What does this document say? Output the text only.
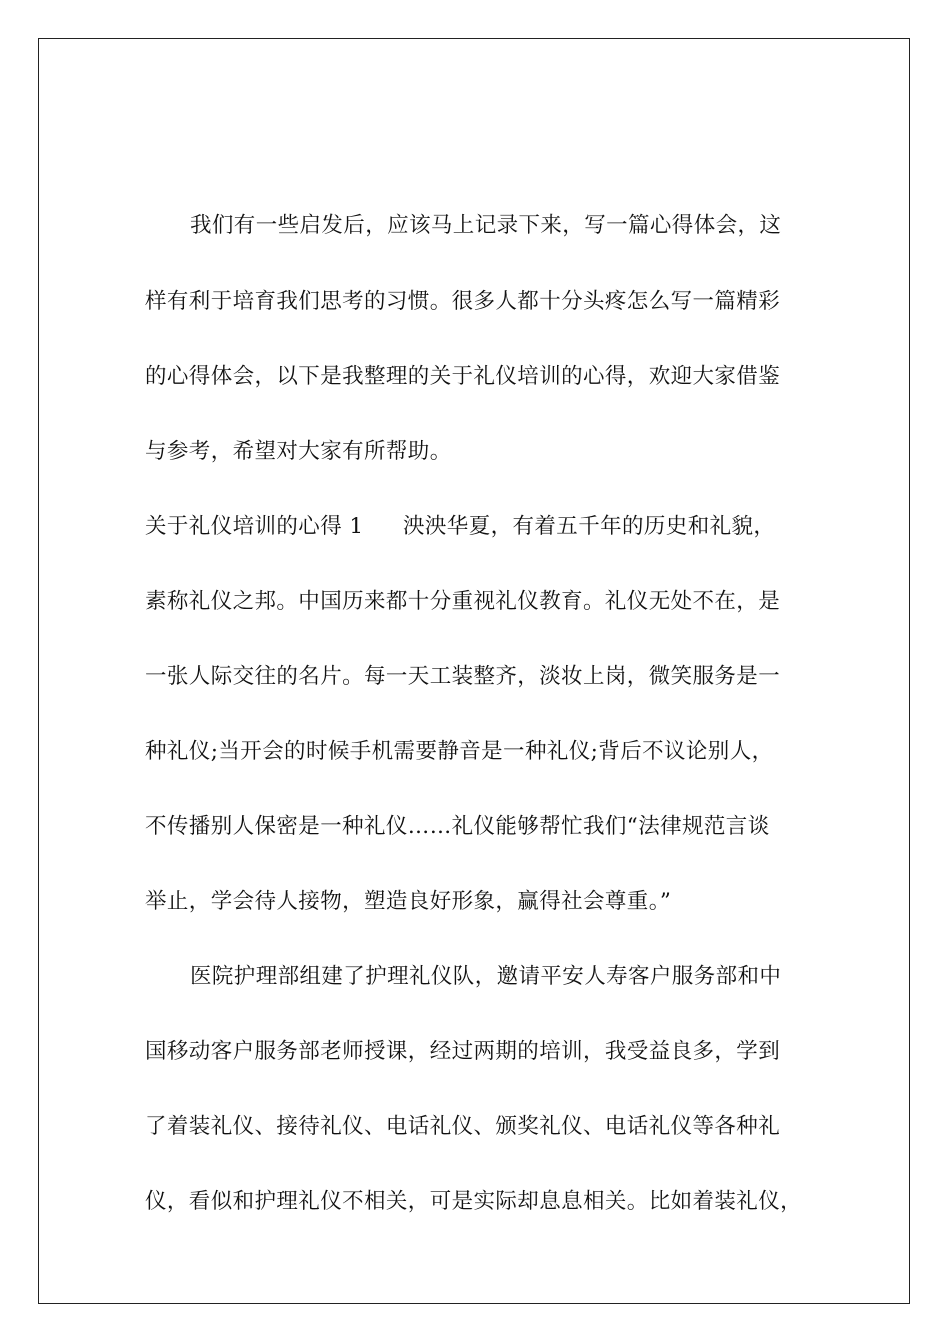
我们有一些启发后，应该马上记录下来，写一篇心得体会，这
样有利于培育我们思考的习惯。很多人都十分头疼怎么写一篇精彩
的心得体会，以下是我整理的关于礼仪培训的心得，欢迎大家借鉴
与参考，希望对大家有所帮助。
关于礼仪培训的心得 1 泱泱华夏，有着五千年的历史和礼貌，
素称礼仪之邦。中国历来都十分重视礼仪教育。礼仪无处不在，是
一张人际交往的名片。每一天工装整齐，淡妆上岗，微笑服务是一
种礼仪;当开会的时候手机需要静音是一种礼仪;背后不议论别人，
不传播别人保密是一种礼仪……礼仪能够帮忙我们“法律规范言谈
举止，学会待人接物，塑造良好形象，赢得社会尊重。”
医院护理部组建了护理礼仪队，邀请平安人寿客户服务部和中
国移动客户服务部老师授课，经过两期的培训，我受益良多，学到
了着装礼仪、接待礼仪、电话礼仪、颁奖礼仪、电话礼仪等各种礼
仪，看似和护理礼仪不相关，可是实际却息息相关。比如着装礼仪，
